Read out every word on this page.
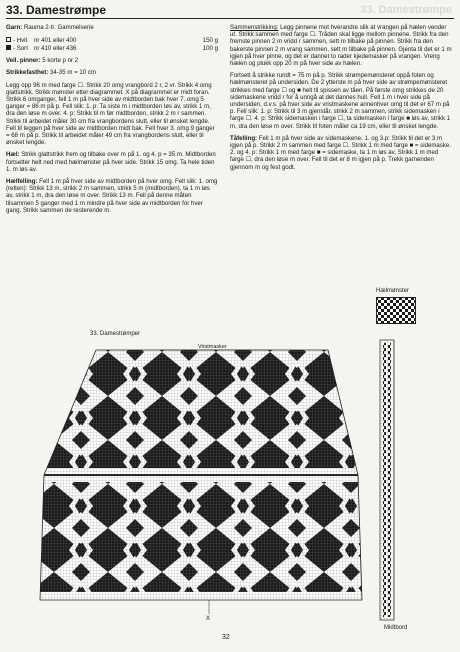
33. Damestrømpe	33. Damestrømpe

Garn: Rauma 2-tr. Gammelserie

- Hvit	nr 401 eller 400	150 g
- Sort nr 410 eller 436	100 g

Veil. pinner: 5 korte p nr 2

Strikkefasthet: 34-35 m = 10 cm

Legg opp 96 m med farge ☐. Strikk 20 omg vrangbord 2 r, 2 vr. Strikk 4 omg glattstrikk. Strikk mønster etter diagrammet. X på diagrammet er midt foran. Strikk 6 omganger, fell 1 m på hver side av midtborden bak hver 7. omg 5 ganger = 86 m på p. Fell slik: 1. p: Ta siste m i midtborden løs av, strikk 1 m, dra den løse m over. 4. p: Strikk til m før midtborden, strikk 2 m r sammen. Strikk til arbeidet måler 30 cm fra vrangbordens slutt, eller til ønsket lengde. Fell til leggen på hver side av midtborden midt bak. Fell hver 3. omg 9 ganger = 68 m på p. Strikk til arbeidet måler 49 cm fra vrangbordens slutt, eller til ønsket lengde.

Hæl: Strikk glattstrikk frem og tilbake over m på 1. og 4. p = 35 m. Midtborden fortsetter helt ned med hælmønster på hver side. Strikk 15 omg. Ta hele tiden 1. m løs av.

Hælfelling: Fell 1 m på hver side av midtborden på hver omg. Fell slik: 1. omg (retten): Strikk 13 m, strikk 2 m sammen, strikk 5 m (midtborden), ta 1 m løs av, strikk 1 m, dra den løse m over. Strikk 13 m. Fell på denne måten tilsammen 5 ganger med 1 m mindre på hver side av midtborden for hver gang. Strikk sammen de resterende m.

Sammenstrikking: Legg pinnene mot hverandre slik at vrangen på hælen vender ut. Strikk sammen med farge ☐. Tråden skal ligge mellom pinnene. Strikk fra den fremste pinnen 2 m vridd r sammen, sett m tilbake på pinnen. Strikk fra den bakerste pinnen 2 m vrang sammen, sett m tilbake på pinnen. Gjenta til det er 1 m igjen på hver pinne, og det er dannet to rader kjedemasker på vrangen. Vreng hælen og plukk opp 20 m på hver side av hælen.

Fortsett å strikke rundt = 75 m på p. Strikk strømpemønsteret oppå foten og hælmønsteret på undersiden. De 2 ytterste m på hver side av strømpemønsteret strikkes med farge ☐ og ■ helt til spissen av tåen. På første omg strikkes de 20 sidemaskene vridd r for å unngå at det dannes hull. Fell 1 m i hver side på undersiden, d.v.s. på hver side av vristmaskene annenhver omg til det er 67 m på p. Fell slik: 1. p: Strikk til 3 m gjenstår, strikk 2 m sammen, strikk sidemasken i farge ☐. 4. p: Strikk sidemasken i farge ☐, ta sidemasken i farge ■ løs av, strikk 1 m, dra den løse m over. Strikk til foten måler ca 19 cm, eller til ønsket lengde.

Tåfelling: Fell 1 m på hver side av sidemaskene. 1. og 3.p: Strikk til det er 3 m igjen på p. Strikk 2 m sammen med farge ☐. Strikk 1 m med farge ■ = sidemaske. 2. og 4. p: Strikk 1 m med farge ■ = sidemaske, ta 1 m løs av, Strikk 1 m med farge ☐, dra den løse m over. Fell til det er 8 m igjen på p. Trekk garnenden gjennom m og fest godt.

Hælmønster
33. Damestrømper
Vristmasker
Midtbord
32
X
